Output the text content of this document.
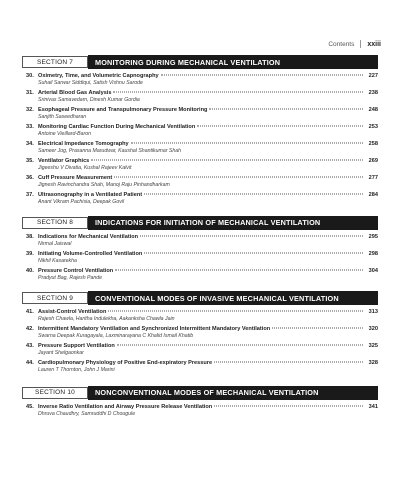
Contents xxiii
SECTION 7	MONITORING DURING MECHANICAL VENTILATION
30. Oximetry, Time, and Volumetric Capnography	227
Suhail Sarwar Siddiqui, Satish Vishnu Sarode
31. Arterial Blood Gas Analysis	238
Srinivas Samavedam, Dinesh Kumar Gordia
32. Esophageal Pressure and Transpulmonary Pressure Monitoring	248
Sanjith Saseedharan
33. Monitoring Cardiac Function During Mechanical Ventilation	253
Antoine Vieillard-Baron
34. Electrical Impedance Tomography	258
Sameer Jog, Prasanna Marudwar, Kaushal Shantikumar Shah
35. Ventilator Graphics	269
Jigeeshu V Divatia, Kushal Rajeev Kalvit
36. Cuff Pressure Measurement	277
Jignesh Ravinchandra Shah, Manoj Raju Pinhandharkam
37. Ultrasonography in a Ventilated Patient	284
Anant Vikram Pachisia, Deepak Govil
SECTION 8	INDICATIONS FOR INITIATION OF MECHANICAL VENTILATION
38. Indications for Mechanical Ventilation	295
Nirmal Jaiswal
39. Initiating Volume-Controlled Ventilation	298
Nikhil Kasarekha
40. Pressure Control Ventilation	304
Pradyut Bag, Rajesh Pande
SECTION 9	CONVENTIONAL MODES OF INVASIVE MECHANICAL VENTILATION
41. Assist-Control Ventilation	313
Rajesh Chawla, Haritha Indulekha, Aakanksha Chawla Jain
42. Intermittent Mandatory Ventilation and Synchronized Intermittent Mandatory Ventilation	320
Swarna Deepak Kuragayala, Laxminarayana C Khalid Ismail Khatib
43. Pressure Support Ventilation	325
Jayant Shelgaonkar
44. Cardiopulmonary Physiology of Positive End-expiratory Pressure	328
Lauren T Thornton, John J Marini
SECTION 10	NONCONVENTIONAL MODES OF MECHANICAL VENTILATION
45. Inverse Ratio Ventilation and Airway Pressure Release Ventilation	341
Dhruva Chaudhry, Samruddhi D Chougule
